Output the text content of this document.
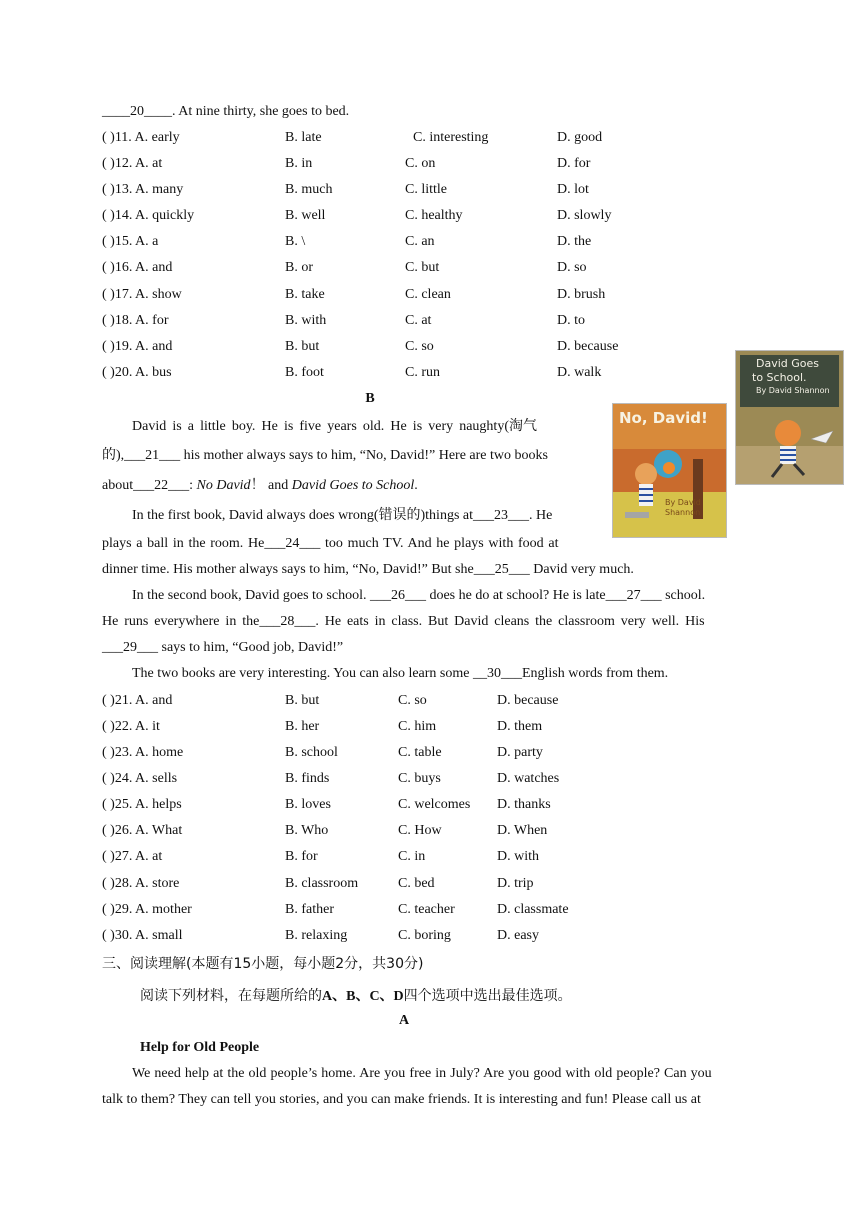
____20____. At nine thirty, she goes to bed.
( )11. A. early	B. late	C. interesting	D. good
( )12. A. at	B. in	C. on	D. for
( )13. A. many	B. much	C. little	D. lot
( )14. A. quickly	B. well	C. healthy	D. slowly
( )15. A. a	B. \	C. an	D. the
( )16. A. and	B. or	C. but	D. so
( )17. A. show	B. take	C. clean	D. brush
( )18. A. for	B. with	C. at	D. to
( )19. A. and	B. but	C. so	D. because
( )20. A. bus	B. foot	C. run	D. walk
David Goes
to School.
By David Shannon
B
No, David!
By David Shannon
David is a little boy. He is five years old. He is very naughty(淘气
的),___21___ his mother always says to him, “No, David!” Here are two books
about___22___: No David！ and David Goes to School.
In the first book, David always does wrong(错误的)things at___23___. He
plays a ball in the room. He___24___ too much TV. And he plays with food at
dinner time. His mother always says to him, “No, David!” But she___25___ David very much.
In the second book, David goes to school. ___26___ does he do at school? He is late___27___ school.
He runs everywhere in the___28___. He eats in class. But David cleans the classroom very well. His
___29___ says to him, “Good job, David!”
The two books are very interesting. You can also learn some __30___English words from them.
( )21. A. and	B. but	C. so	D. because
( )22. A. it	B. her	C. him	D. them
( )23. A. home	B. school	C. table	D. party
( )24. A. sells	B. finds	C. buys	D. watches
( )25. A. helps	B. loves	C. welcomes D. thanks
( )26. A. What	B. Who	C. How	D. When
( )27. A. at	B. for	C. in	D. with
( )28. A. store	B. classroom	C. bed	D. trip
( )29. A. mother	B. father	C. teacher	D. classmate
( )30. A. small	B. relaxing	C. boring	D. easy
三、阅读理解(本题有15小题，每小题2分，共30分)
阅读下列材料，在每题所给的A、B、C、D四个选项中选出最佳选项。
A
Help for Old People
We need help at the old people’s home. Are you free in July? Are you good with old people? Can you
talk to them? They can tell you stories, and you can make friends. It is interesting and fun! Please call us at
